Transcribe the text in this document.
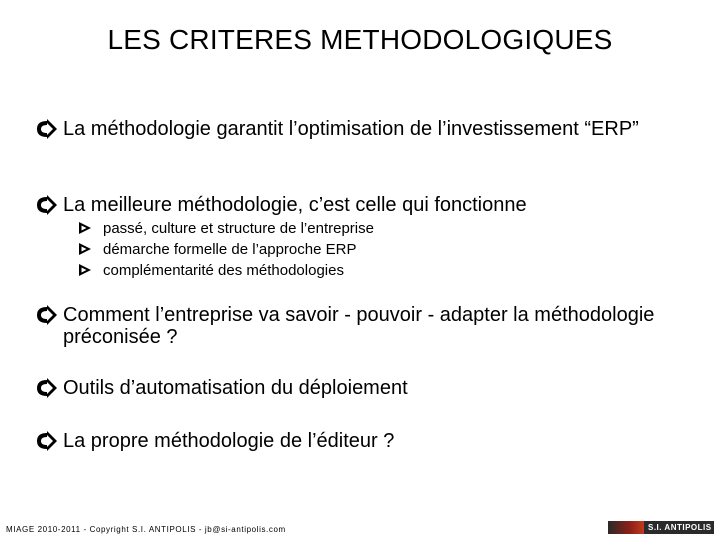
LES CRITERES METHODOLOGIQUES
La méthodologie garantit l’optimisation de l’investissement “ERP”
La meilleure méthodologie, c’est celle qui fonctionne
passé, culture et structure de l’entreprise
démarche formelle de l’approche ERP
complémentarité des méthodologies
Comment l’entreprise va savoir - pouvoir - adapter la méthodologie préconisée ?
Outils d’automatisation du déploiement
La propre méthodologie de l’éditeur ?
MIAGE 2010-2011 - Copyright S.I. ANTIPOLIS - jb@si-antipolis.com	S.I. ANTIPOLIS
